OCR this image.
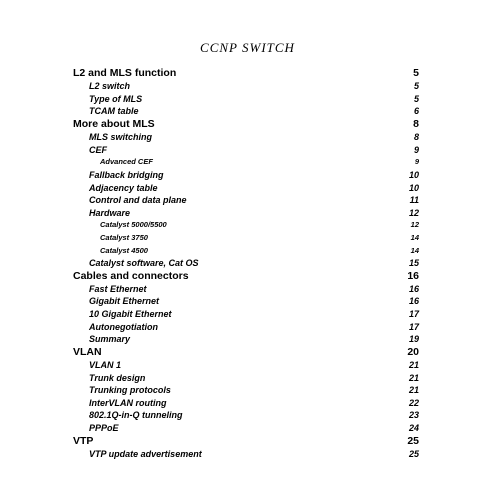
CCNP SWITCH
L2 and MLS function	5
L2 switch	5
Type of MLS	5
TCAM table	6
More about MLS	8
MLS switching	8
CEF	9
Advanced CEF	9
Fallback bridging	10
Adjacency table	10
Control and data plane	11
Hardware	12
Catalyst 5000/5500	12
Catalyst 3750	14
Catalyst 4500	14
Catalyst software, Cat OS	15
Cables and connectors	16
Fast Ethernet	16
Gigabit Ethernet	16
10 Gigabit Ethernet	17
Autonegotiation	17
Summary	19
VLAN	20
VLAN 1	21
Trunk design	21
Trunking protocols	21
InterVLAN routing	22
802.1Q-in-Q tunneling	23
PPPoE	24
VTP	25
VTP update advertisement	25
